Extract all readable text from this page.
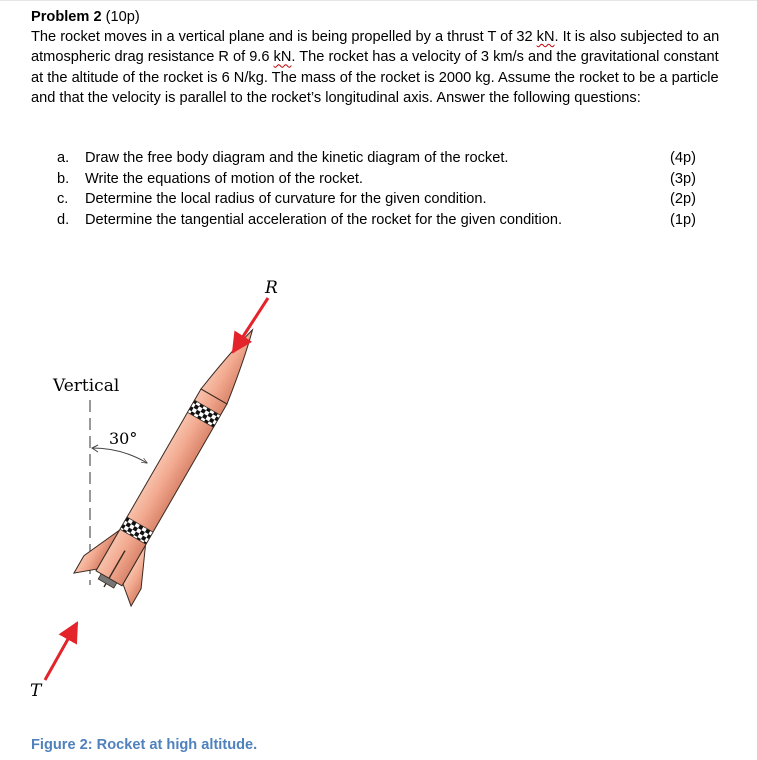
Problem 2 (10p)

The rocket moves in a vertical plane and is being propelled by a thrust T of 32 kN. It is also subjected to an atmospheric drag resistance R of 9.6 kN. The rocket has a velocity of 3 km/s and the gravitational constant at the altitude of the rocket is 6 N/kg. The mass of the rocket is 2000 kg. Assume the rocket to be a particle and that the velocity is parallel to the rocket’s longitudinal axis. Answer the following questions:

a.	Draw the free body diagram and the kinetic diagram of the rocket.	(4p)
b.	Write the equations of motion of the rocket.	(3p)
c.	Determine the local radius of curvature for the given condition.	(2p)
d.	Determine the tangential acceleration of the rocket for the given condition.	(1p)
R
T
Vertical
30°
Figure 2: Rocket at high altitude.
